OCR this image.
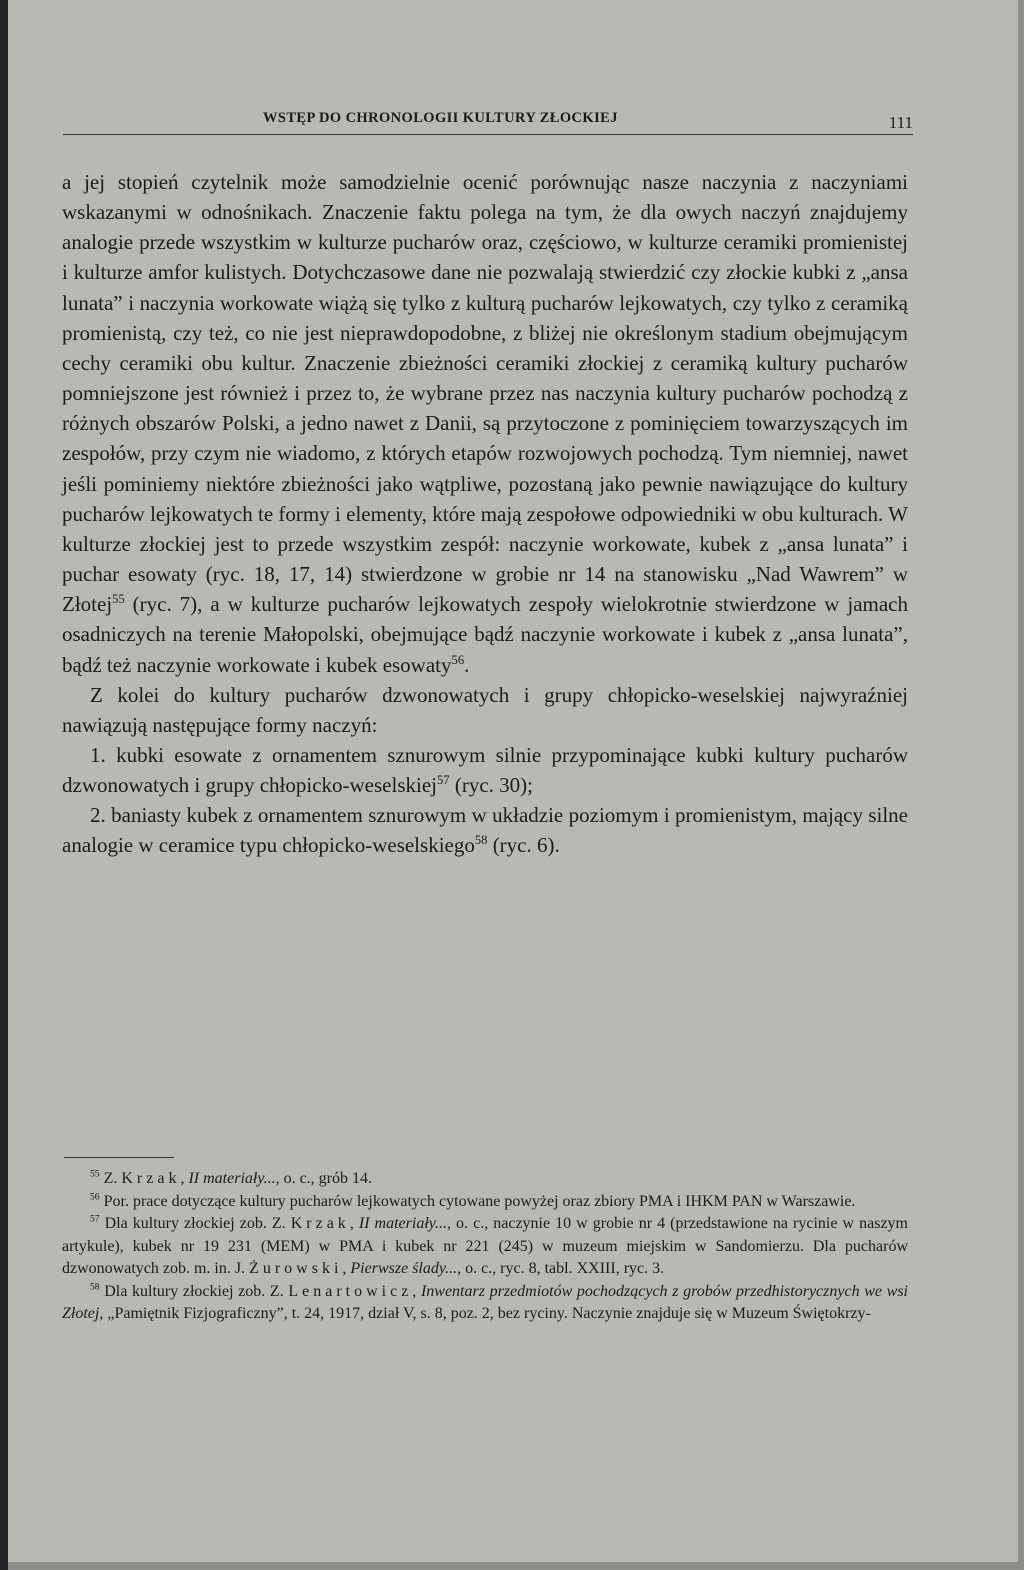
WSTĘP DO CHRONOLOGII KULTURY ZŁOCKIEJ	111

a jej stopień czytelnik może samodzielnie ocenić porównując nasze naczynia z naczyniami wskazanymi w odnośnikach. Znaczenie faktu polega na tym, że dla owych naczyń znajdujemy analogie przede wszystkim w kulturze pucharów oraz, częściowo, w kulturze ceramiki promienistej i kulturze amfor kulistych. Dotychczasowe dane nie pozwalają stwierdzić czy złockie kubki z „ansa lunata” i naczynia workowate wiążą się tylko z kulturą pucharów lejkowatych, czy tylko z ceramiką promienistą, czy też, co nie jest nieprawdopodobne, z bliżej nie określonym stadium obejmującym cechy ceramiki obu kultur. Znaczenie zbieżności ceramiki złockiej z ceramiką kultury pucharów pomniejszone jest również i przez to, że wybrane przez nas naczynia kultury pucharów pochodzą z różnych obszarów Polski, a jedno nawet z Danii, są przytoczone z pominięciem towarzyszących im zespołów, przy czym nie wiadomo, z których etapów rozwojowych pochodzą. Tym niemniej, nawet jeśli pominiemy niektóre zbieżności jako wątpliwe, pozostaną jako pewnie nawiązujące do kultury pucharów lejkowatych te formy i elementy, które mają zespołowe odpowiedniki w obu kulturach. W kulturze złockiej jest to przede wszystkim zespół: naczynie workowate, kubek z „ansa lunata” i puchar esowaty (ryc. 18, 17, 14) stwierdzone w grobie nr 14 na stanowisku „Nad Wawrem” w Złotej$^{55}$ (ryc. 7), a w kulturze pucharów lejkowatych zespoły wielokrotnie stwierdzone w jamach osadniczych na terenie Małopolski, obejmujące bądź naczynie workowate i kubek z „ansa lunata”, bądź też naczynie workowate i kubek esowaty$^{56}$.

Z kolei do kultury pucharów dzwonowatych i grupy chłopicko-weselskiej najwyraźniej nawiązują następujące formy naczyń:

1. kubki esowate z ornamentem sznurowym silnie przypominające kubki kultury pucharów dzwonowatych i grupy chłopicko-weselskiej$^{57}$ (ryc. 30);

2. baniasty kubek z ornamentem sznurowym w układzie poziomym i promienistym, mający silne analogie w ceramice typu chłopicko-weselskiego$^{58}$ (ryc. 6).

$^{55}$ Z. Krzak, II materiały..., o. c., grób 14.

$^{56}$ Por. prace dotyczące kultury pucharów lejkowatych cytowane powyżej oraz zbiory PMA i IHKM PAN w Warszawie.

$^{57}$ Dla kultury złockiej zob. Z. Krzak, II materiały..., o. c., naczynie 10 w grobie nr 4 (przedstawione na rycinie w naszym artykule), kubek nr 19 231 (MEM) w PMA i kubek nr 221 (245) w muzeum miejskim w Sandomierzu. Dla pucharów dzwonowatych zob. m. in. J. Żurowski, Pierwsze ślady..., o. c., ryc. 8, tabl. XXIII, ryc. 3.

$^{58}$ Dla kultury złockiej zob. Z. Lenartowicz, Inwentarz przedmiotów pochodzących z grobów przedhistorycznych we wsi Złotej, „Pamiętnik Fizjograficzny”, t. 24, 1917, dział V, s. 8, poz. 2, bez ryciny. Naczynie znajduje się w Muzeum Świętokrzy-
